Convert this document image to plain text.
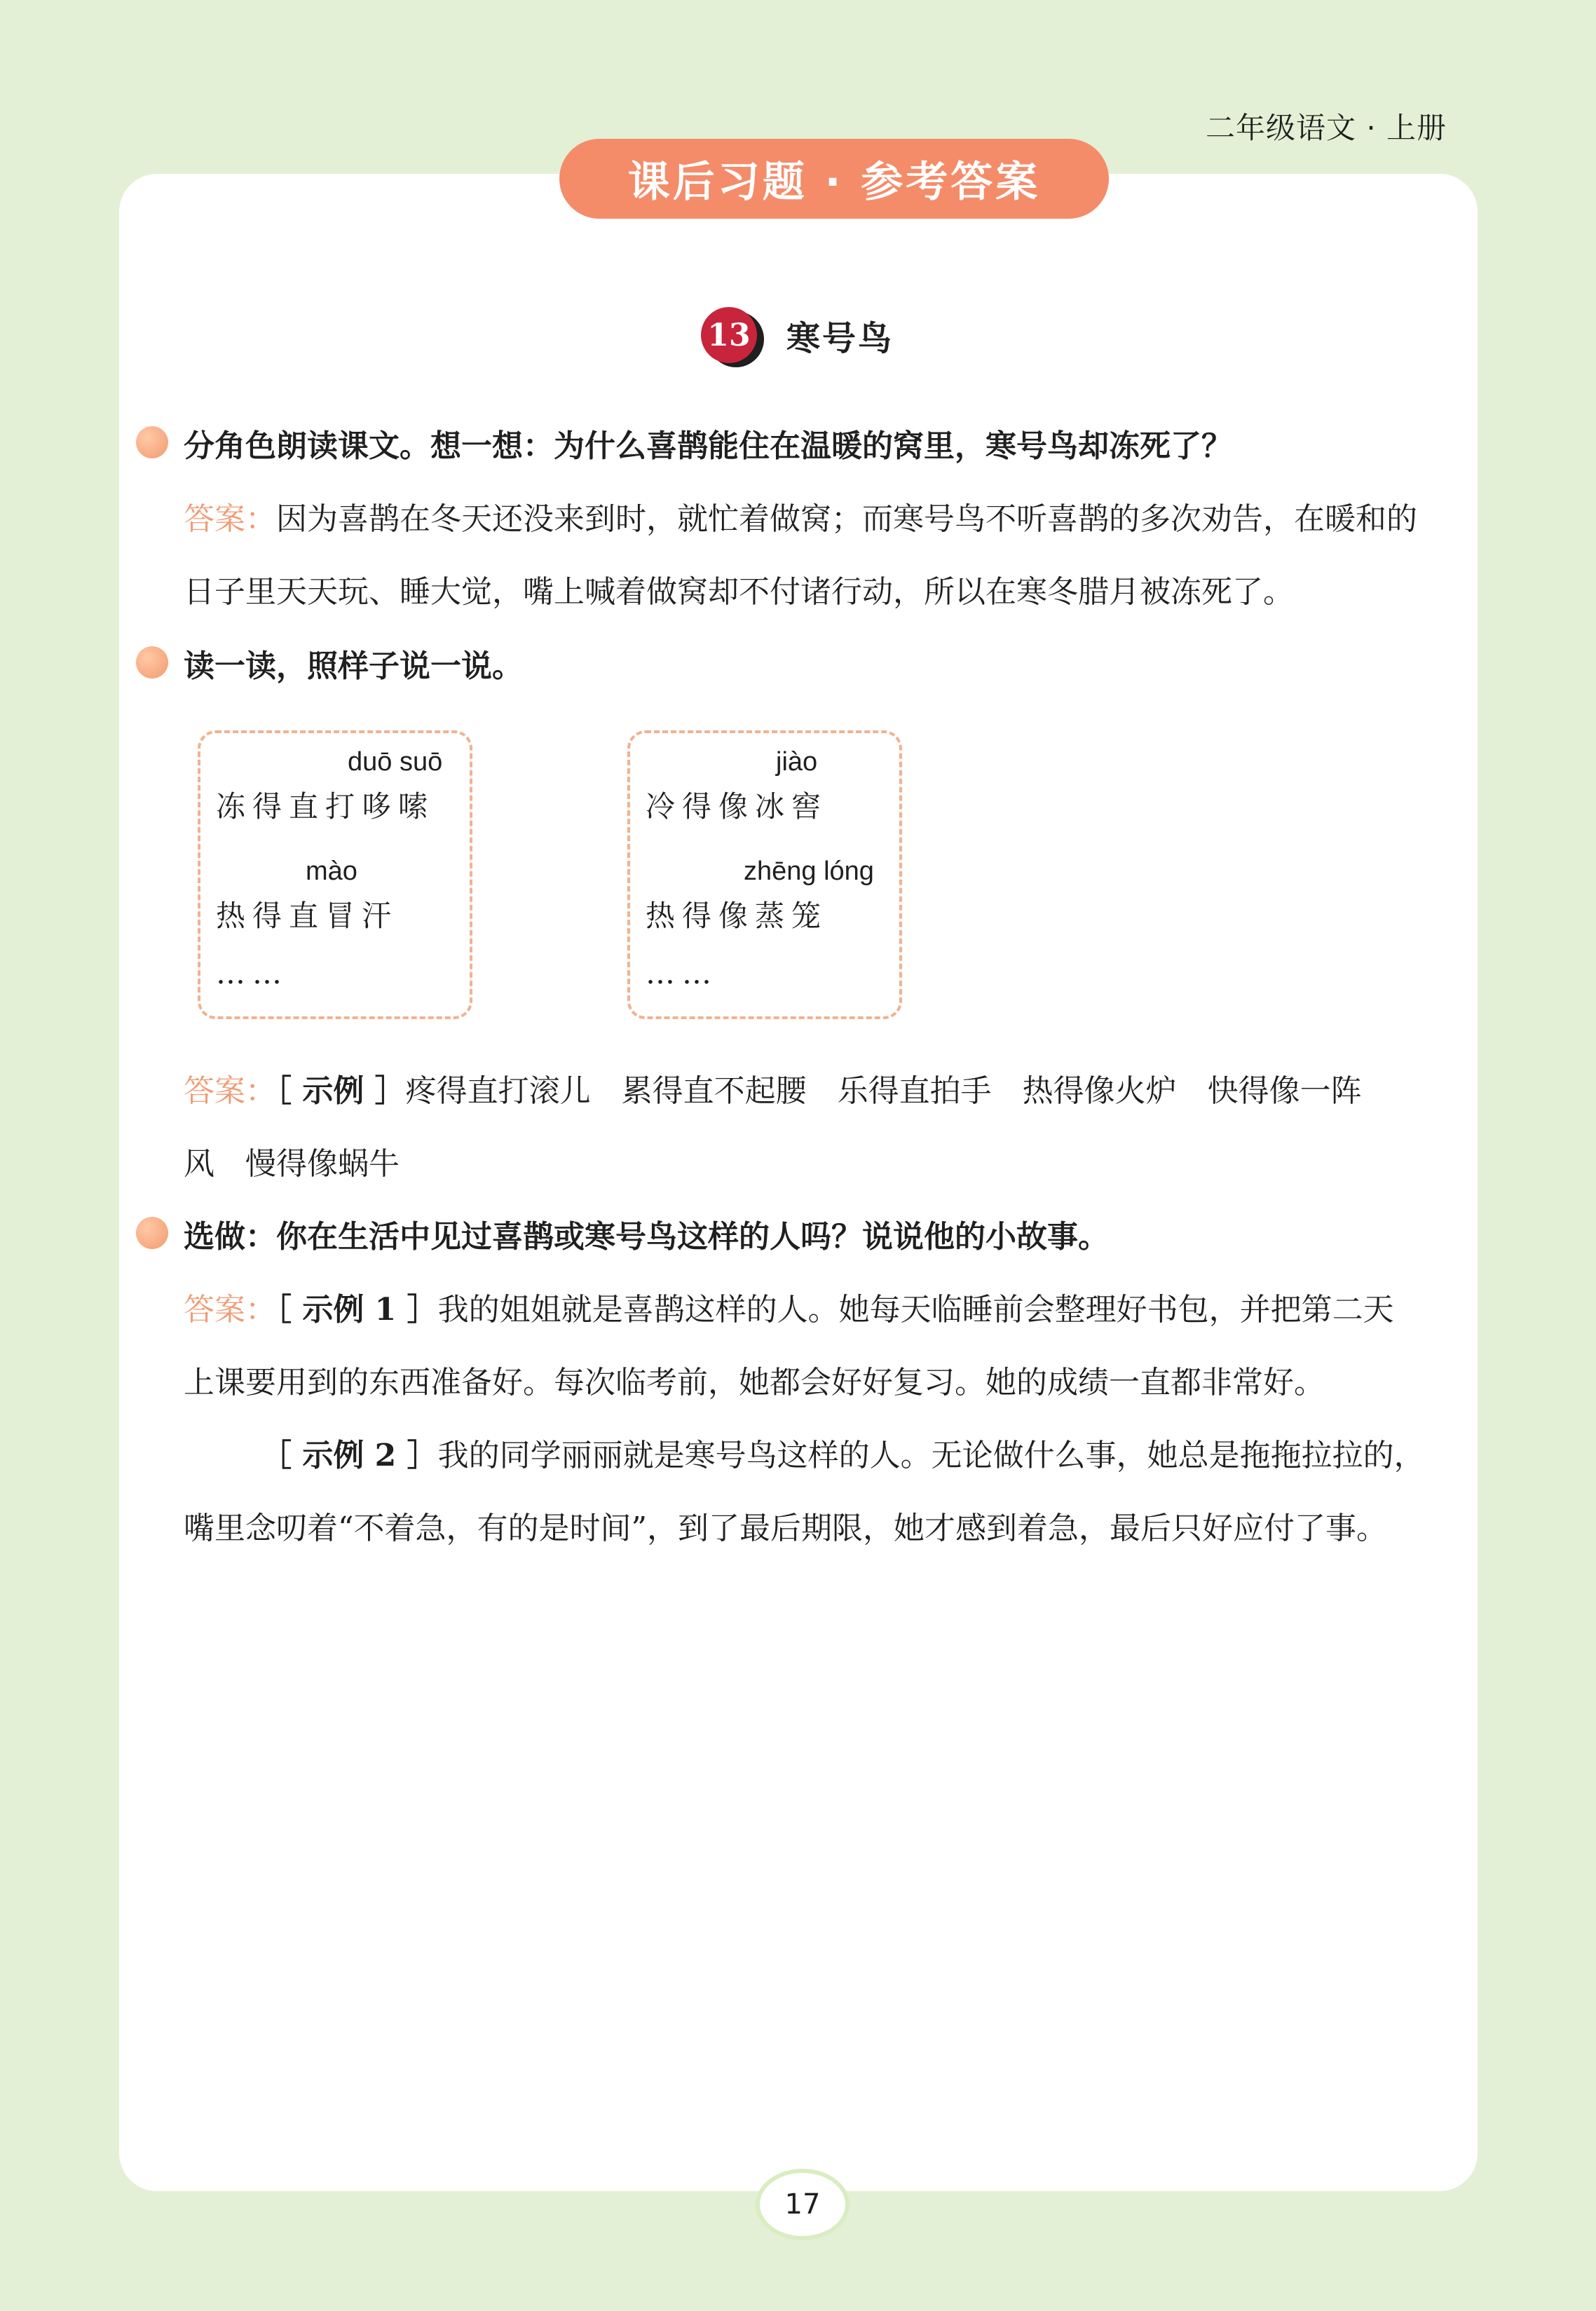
二年级语文 · 上册
课后习题 · 参考答案
13 寒号鸟
分角色朗读课文。想一想：为什么喜鹊能住在温暖的窝里，寒号鸟却冻死了？
答案：因为喜鹊在冬天还没来到时，就忙着做窝；而寒号鸟不听喜鹊的多次劝告，在暖和的
日子里天天玩、睡大觉，嘴上喊着做窝却不付诸行动，所以在寒冬腊月被冻死了。
读一读，照样子说一说。
duō suō
冻得直打哆嗦
mào
热得直冒汗
……
jiào
冷得像冰窖
zhēng lóng
热得像蒸笼
……
答案：［ 示例 ］疼得直打滚儿　累得直不起腰　乐得直拍手　热得像火炉　快得像一阵
风　慢得像蜗牛
选做：你在生活中见过喜鹊或寒号鸟这样的人吗？说说他的小故事。
答案：［ 示例 1 ］我的姐姐就是喜鹊这样的人。她每天临睡前会整理好书包，并把第二天
上课要用到的东西准备好。每次临考前，她都会好好复习。她的成绩一直都非常好。
［ 示例 2 ］我的同学丽丽就是寒号鸟这样的人。无论做什么事，她总是拖拖拉拉的，
嘴里念叨着“不着急，有的是时间”，到了最后期限，她才感到着急，最后只好应付了事。
17
